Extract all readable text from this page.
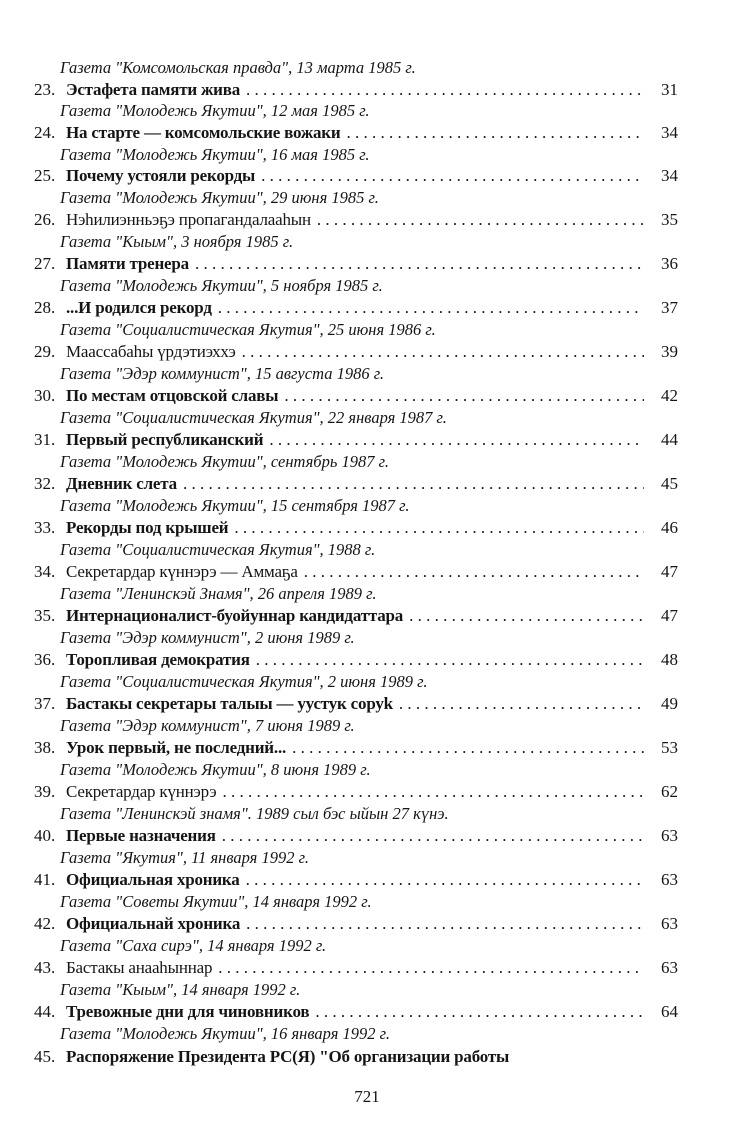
Газета "Комсомольская правда", 13 марта 1985 г.
23. Эстафета памяти жива . . .	31
Газета "Молодежь Якутии", 12 мая 1985 г.
24. На старте — комсомольские вожаки . . .	34
Газета "Молодежь Якутии", 16 мая 1985 г.
25. Почему устояли рекорды . . .	34
Газета "Молодежь Якутии", 29 июня 1985 г.
26. Нэһилиэнньэҕэ пропагандалааһын . . .	35
Газета "Кыым", 3 ноября 1985 г.
27. Памяти тренера . . .	36
Газета "Молодежь Якутии", 5 ноября 1985 г.
28. ...И родился рекорд . . .	37
Газета "Социалистическая Якутия", 25 июня 1986 г.
29. Маассабаһы үрдэтиэххэ . . .	39
Газета "Эдэр коммунист", 15 августа 1986 г.
30. По местам отцовской славы . . .	42
Газета "Социалистическая Якутия", 22 января 1987 г.
31. Первый республиканский . . .	44
Газета "Молодежь Якутии", сентябрь 1987 г.
32. Дневник слета . . .	45
Газета "Молодежь Якутии", 15 сентября 1987 г.
33. Рекорды под крышей . . .	46
Газета "Социалистическая Якутия", 1988 г.
34. Секретардар күннэрэ — Аммаҕа . . .	47
Газета "Ленинскэй Знамя", 26 апреля 1989 г.
35. Интернационалист-буойуннар кандидаттара . . .	47
Газета "Эдэр коммунист", 2 июня 1989 г.
36. Торопливая демократия . . .	48
Газета "Социалистическая Якутия", 2 июня 1989 г.
37. Бастакы секретары талыы — уустук соруk . . .	49
Газета "Эдэр коммунист", 7 июня 1989 г.
38. Урок первый, не последний... . . .	53
Газета "Молодежь Якутии", 8 июня 1989 г.
39. Секретардар күннэрэ . . .	62
Газета "Ленинскэй знамя". 1989 сыл бэс ыйын 27 күнэ.
40. Первые назначения . . .	63
Газета "Якутия", 11 января 1992 г.
41. Официальная хроника . . .	63
Газета "Советы Якутии", 14 января 1992 г.
42. Официальнай хроника . . .	63
Газета "Саха сирэ", 14 января 1992 г.
43. Бастакы анааһыннар . . .	63
Газета "Кыым", 14 января 1992 г.
44. Тревожные дни для чиновников . . .	64
Газета "Молодежь Якутии", 16 января 1992 г.
45. Распоряжение Президента РС(Я) "Об организации работы
721
